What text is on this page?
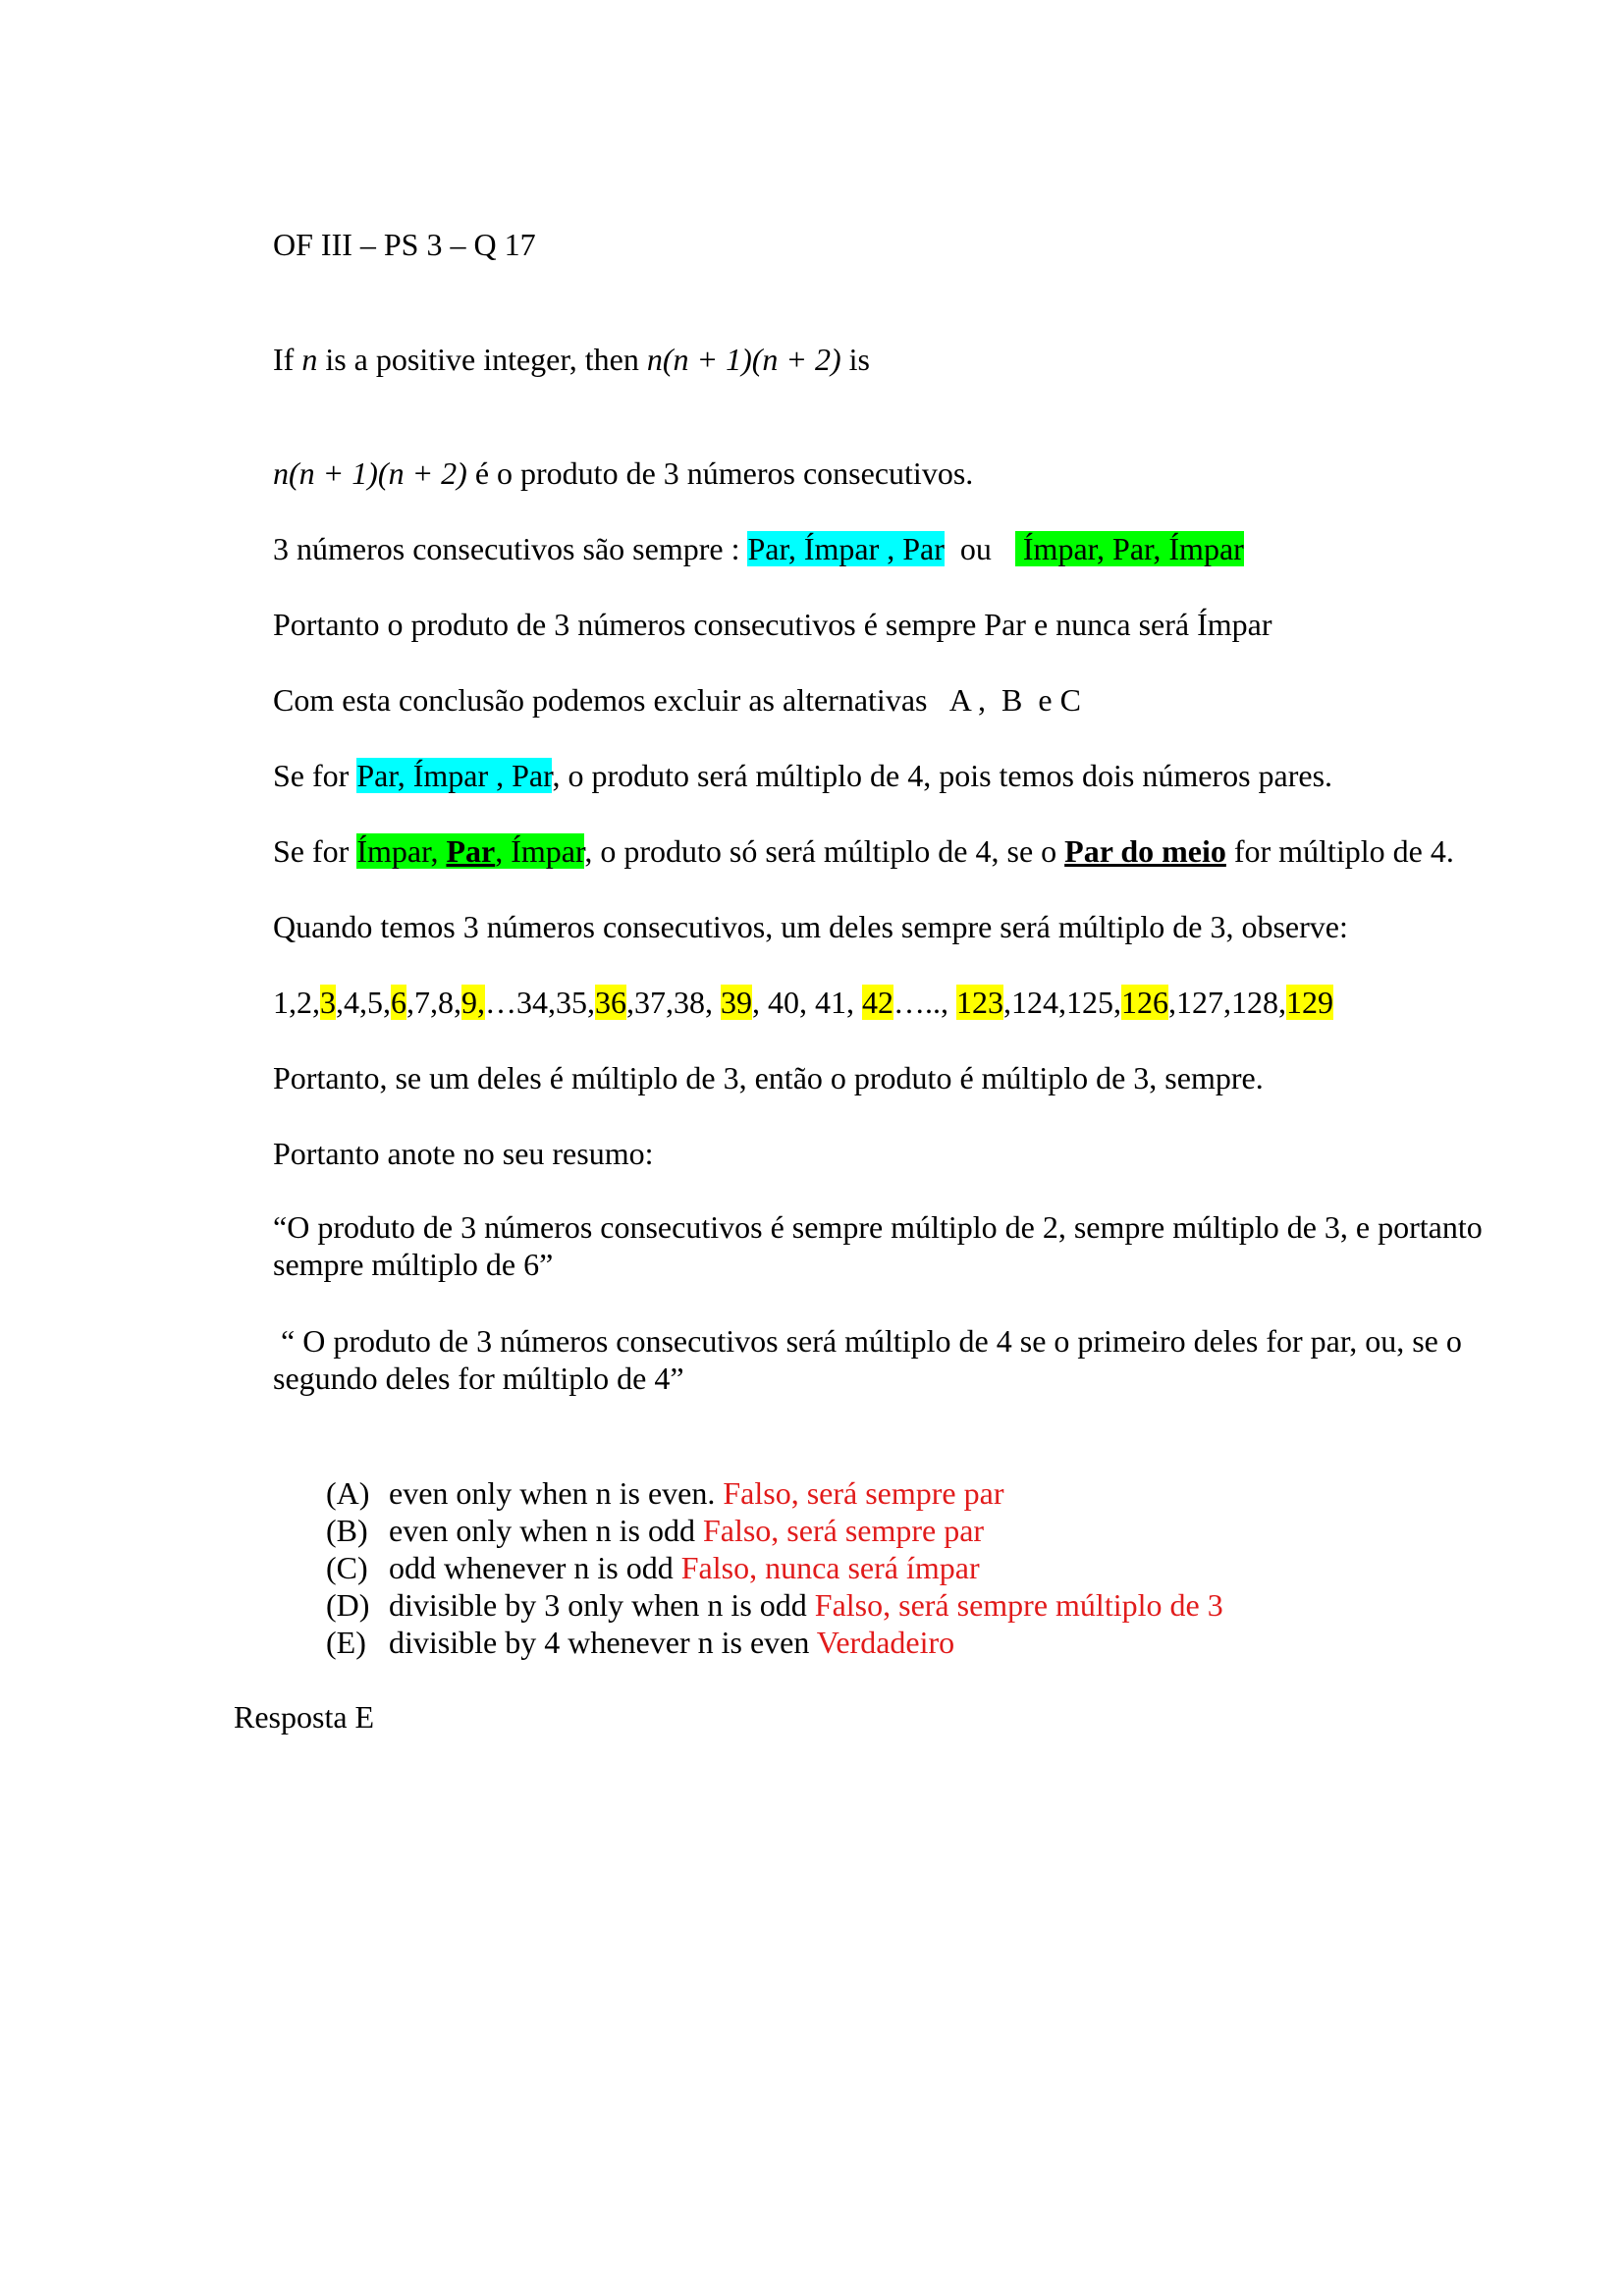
OF III – PS 3 – Q 17
If n is a positive integer, then n(n + 1)(n + 2) is
n(n + 1)(n + 2) é o produto de 3 números consecutivos.
3 números consecutivos são sempre : Par, Ímpar , Par  ou    Ímpar, Par, Ímpar
Portanto o produto de 3 números consecutivos é sempre Par e nunca será Ímpar
Com esta conclusão podemos excluir as alternativas   A ,  B  e C
Se for Par, Ímpar , Par, o produto será múltiplo de 4, pois temos dois números pares.
Se for Ímpar, Par, Ímpar, o produto só será múltiplo de 4, se o Par do meio for múltiplo de 4.
Quando temos 3 números consecutivos, um deles sempre será múltiplo de 3, observe:
1,2,3,4,5,6,7,8,9,…34,35,36,37,38, 39, 40, 41, 42….., 123,124,125,126,127,128,129
Portanto, se um deles é múltiplo de 3, então o produto é múltiplo de 3, sempre.
Portanto anote no seu resumo:
“O produto de 3 números consecutivos é sempre múltiplo de 2, sempre múltiplo de 3, e portanto sempre múltiplo de 6”
“ O produto de 3 números consecutivos será múltiplo de 4 se o primeiro deles for par, ou, se o segundo deles for múltiplo de 4”
(A) even only when n is even. Falso, será sempre par
(B) even only when n is odd Falso, será sempre par
(C) odd whenever n is odd Falso, nunca será ímpar
(D) divisible by 3 only when n is odd Falso, será sempre múltiplo de 3
(E) divisible by 4 whenever n is even Verdadeiro
Resposta E
